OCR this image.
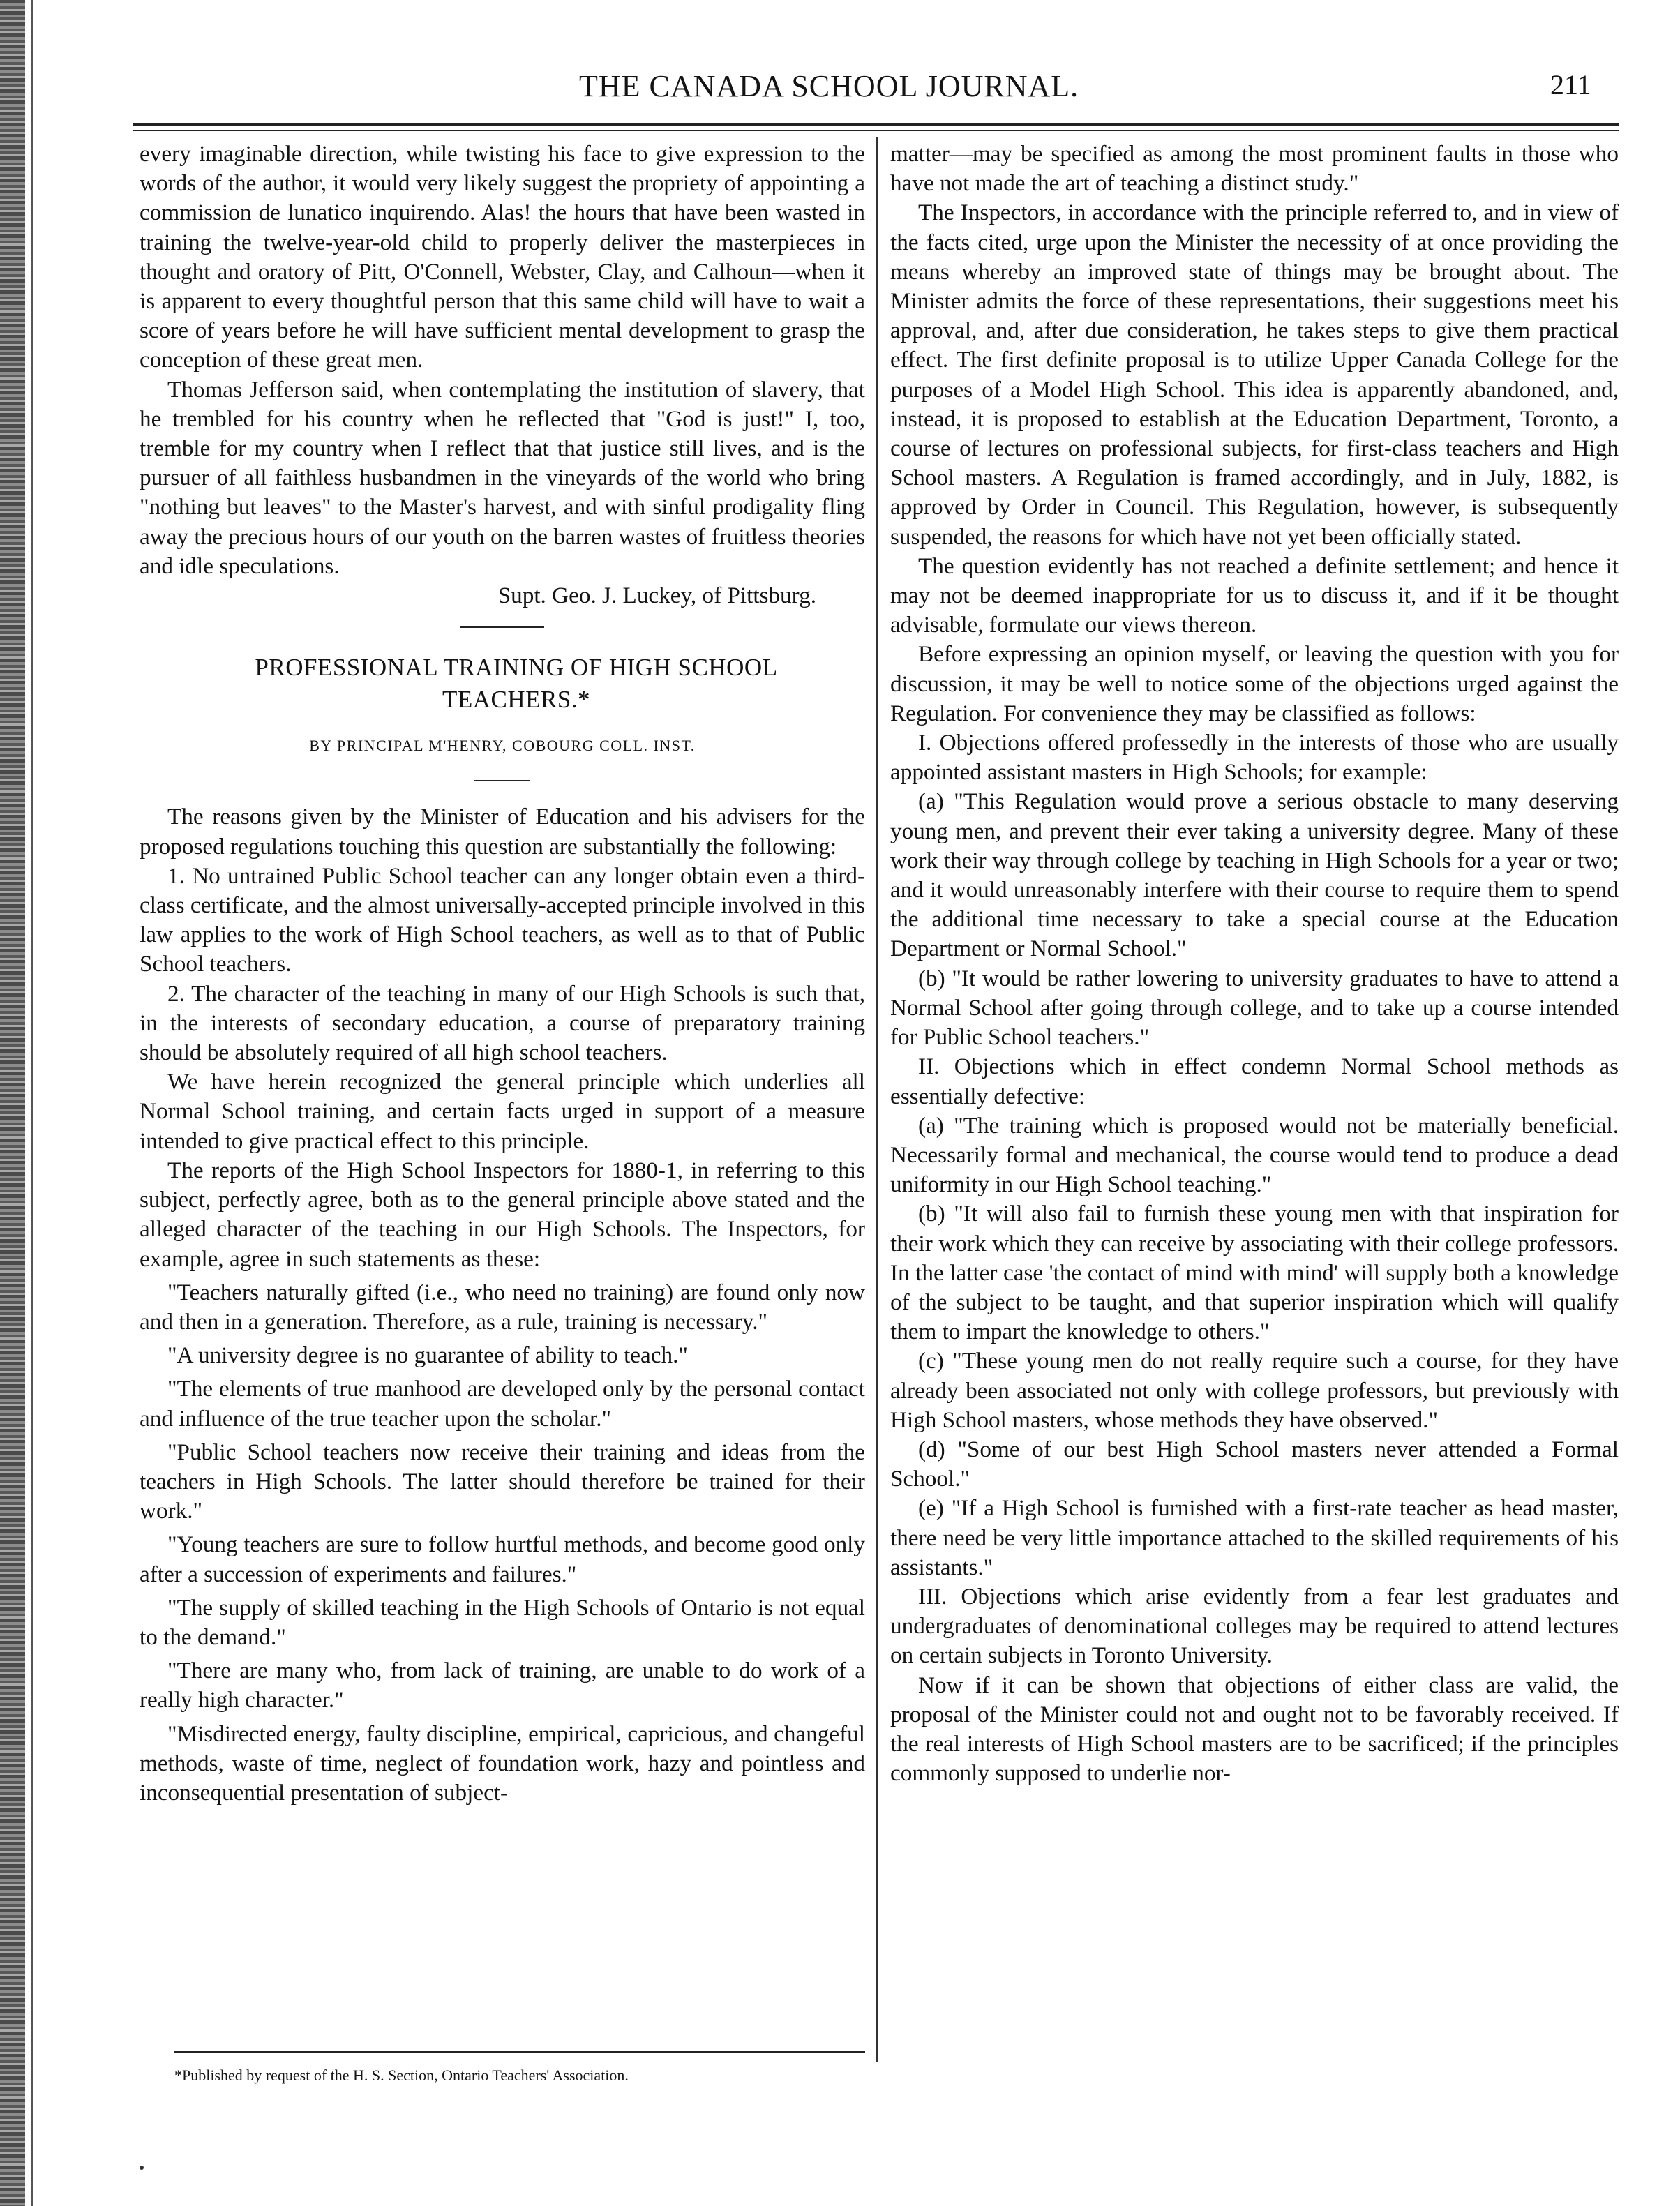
THE CANADA SCHOOL JOURNAL.	211

every imaginable direction, while twisting his face to give expression to the words of the author, it would very likely suggest the propriety of appointing a commission de lunatico inquirendo. Alas! the hours that have been wasted in training the twelve-year-old child to properly deliver the masterpieces in thought and oratory of Pitt, O'Connell, Webster, Clay, and Calhoun—when it is apparent to every thoughtful person that this same child will have to wait a score of years before he will have sufficient mental development to grasp the conception of these great men.

Thomas Jefferson said, when contemplating the institution of slavery, that he trembled for his country when he reflected that "God is just!" I, too, tremble for my country when I reflect that that justice still lives, and is the pursuer of all faithless husbandmen in the vineyards of the world who bring "nothing but leaves" to the Master's harvest, and with sinful prodigality fling away the precious hours of our youth on the barren wastes of fruitless theories and idle speculations.

Supt. Geo. J. Luckey, of Pittsburg.

PROFESSIONAL TRAINING OF HIGH SCHOOL

TEACHERS.*

BY PRINCIPAL M'HENRY, COBOURG COLL. INST.

The reasons given by the Minister of Education and his advisers for the proposed regulations touching this question are substantially the following:

1. No untrained Public School teacher can any longer obtain even a third-class certificate, and the almost universally-accepted principle involved in this law applies to the work of High School teachers, as well as to that of Public School teachers.

2. The character of the teaching in many of our High Schools is such that, in the interests of secondary education, a course of preparatory training should be absolutely required of all high school teachers.

We have herein recognized the general principle which underlies all Normal School training, and certain facts urged in support of a measure intended to give practical effect to this principle.

The reports of the High School Inspectors for 1880-1, in referring to this subject, perfectly agree, both as to the general principle above stated and the alleged character of the teaching in our High Schools. The Inspectors, for example, agree in such statements as these:

"Teachers naturally gifted (i.e., who need no training) are found only now and then in a generation. Therefore, as a rule, training is necessary."

"A university degree is no guarantee of ability to teach."

"The elements of true manhood are developed only by the personal contact and influence of the true teacher upon the scholar."

"Public School teachers now receive their training and ideas from the teachers in High Schools. The latter should therefore be trained for their work."

"Young teachers are sure to follow hurtful methods, and become good only after a succession of experiments and failures."

"The supply of skilled teaching in the High Schools of Ontario is not equal to the demand."

"There are many who, from lack of training, are unable to do work of a really high character."

"Misdirected energy, faulty discipline, empirical, capricious, and changeful methods, waste of time, neglect of foundation work, hazy and pointless and inconsequential presentation of subject-

matter—may be specified as among the most prominent faults in those who have not made the art of teaching a distinct study."

The Inspectors, in accordance with the principle referred to, and in view of the facts cited, urge upon the Minister the necessity of at once providing the means whereby an improved state of things may be brought about. The Minister admits the force of these representations, their suggestions meet his approval, and, after due consideration, he takes steps to give them practical effect. The first definite proposal is to utilize Upper Canada College for the purposes of a Model High School. This idea is apparently abandoned, and, instead, it is proposed to establish at the Education Department, Toronto, a course of lectures on professional subjects, for first-class teachers and High School masters. A Regulation is framed accordingly, and in July, 1882, is approved by Order in Council. This Regulation, however, is subsequently suspended, the reasons for which have not yet been officially stated.

The question evidently has not reached a definite settlement; and hence it may not be deemed inappropriate for us to discuss it, and if it be thought advisable, formulate our views thereon.

Before expressing an opinion myself, or leaving the question with you for discussion, it may be well to notice some of the objections urged against the Regulation. For convenience they may be classified as follows:

I. Objections offered professedly in the interests of those who are usually appointed assistant masters in High Schools; for example:

(a) "This Regulation would prove a serious obstacle to many deserving young men, and prevent their ever taking a university degree. Many of these work their way through college by teaching in High Schools for a year or two; and it would unreasonably interfere with their course to require them to spend the additional time necessary to take a special course at the Education Department or Normal School."

(b) "It would be rather lowering to university graduates to have to attend a Normal School after going through college, and to take up a course intended for Public School teachers."

II. Objections which in effect condemn Normal School methods as essentially defective:

(a) "The training which is proposed would not be materially beneficial. Necessarily formal and mechanical, the course would tend to produce a dead uniformity in our High School teaching."

(b) "It will also fail to furnish these young men with that inspiration for their work which they can receive by associating with their college professors. In the latter case 'the contact of mind with mind' will supply both a knowledge of the subject to be taught, and that superior inspiration which will qualify them to impart the knowledge to others."

(c) "These young men do not really require such a course, for they have already been associated not only with college professors, but previously with High School masters, whose methods they have observed."

(d) "Some of our best High School masters never attended a Formal School."

(e) "If a High School is furnished with a first-rate teacher as head master, there need be very little importance attached to the skilled requirements of his assistants."

III. Objections which arise evidently from a fear lest graduates and undergraduates of denominational colleges may be required to attend lectures on certain subjects in Toronto University.

Now if it can be shown that objections of either class are valid, the proposal of the Minister could not and ought not to be favorably received. If the real interests of High School masters are to be sacrificed; if the principles commonly supposed to underlie nor-

*Published by request of the H. S. Section, Ontario Teachers' Association.
